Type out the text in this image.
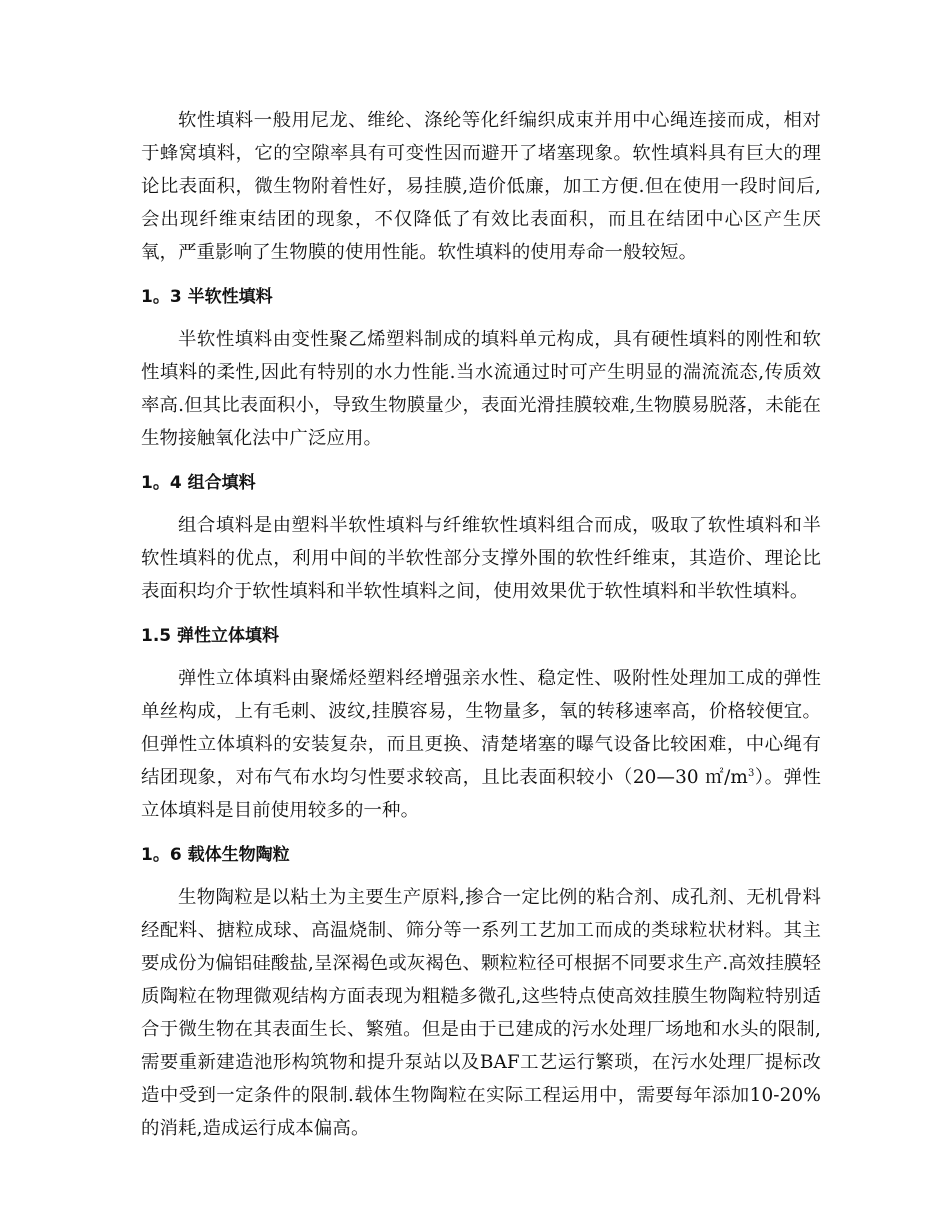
软性填料一般用尼龙、维纶、涤纶等化纤编织成束并用中心绳连接而成，相对于蜂窝填料，它的空隙率具有可变性因而避开了堵塞现象。软性填料具有巨大的理论比表面积，微生物附着性好，易挂膜,造价低廉，加工方便.但在使用一段时间后,会出现纤维束结团的现象，不仅降低了有效比表面积，而且在结团中心区产生厌氧，严重影响了生物膜的使用性能。软性填料的使用寿命一般较短。

1。3 半软性填料

半软性填料由变性聚乙烯塑料制成的填料单元构成，具有硬性填料的刚性和软性填料的柔性,因此有特别的水力性能.当水流通过时可产生明显的湍流流态,传质效率高.但其比表面积小，导致生物膜量少，表面光滑挂膜较难,生物膜易脱落，未能在生物接触氧化法中广泛应用。

1。4 组合填料

组合填料是由塑料半软性填料与纤维软性填料组合而成，吸取了软性填料和半软性填料的优点，利用中间的半软性部分支撑外围的软性纤维束，其造价、理论比表面积均介于软性填料和半软性填料之间，使用效果优于软性填料和半软性填料。

1.5 弹性立体填料

弹性立体填料由聚烯烃塑料经增强亲水性、稳定性、吸附性处理加工成的弹性单丝构成，上有毛刺、波纹,挂膜容易，生物量多，氧的转移速率高，价格较便宜。但弹性立体填料的安装复杂，而且更换、清楚堵塞的曝气设备比较困难，中心绳有结团现象，对布气布水均匀性要求较高，且比表面积较小（20—30 $㎡/m^3$）。弹性立体填料是目前使用较多的一种。

1。6 载体生物陶粒

生物陶粒是以粘土为主要生产原料,掺合一定比例的粘合剂、成孔剂、无机骨料经配料、搪粒成球、高温烧制、筛分等一系列工艺加工而成的类球粒状材料。其主要成份为偏铝硅酸盐,呈深褐色或灰褐色、颗粒粒径可根据不同要求生产.高效挂膜轻质陶粒在物理微观结构方面表现为粗糙多微孔,这些特点使高效挂膜生物陶粒特别适合于微生物在其表面生长、繁殖。但是由于已建成的污水处理厂场地和水头的限制,需要重新建造池形构筑物和提升泵站以及BAF工艺运行繁琐，在污水处理厂提标改造中受到一定条件的限制.载体生物陶粒在实际工程运用中，需要每年添加10-20%的消耗,造成运行成本偏高。
